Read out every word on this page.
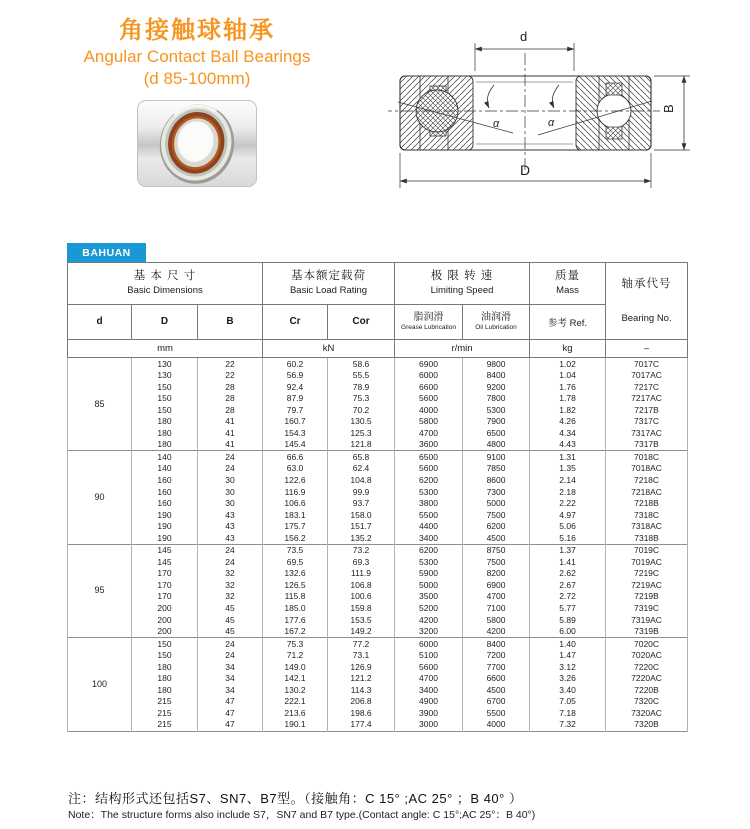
角接触球轴承
Angular Contact Ball Bearings
(d 85-100mm)
α	α
d
D
B
BAHUAN
基 本 尺 寸
Basic Dimensions

基本额定载荷
Basic Load Rating

极 限 转 速
Limiting Speed

质量
Mass

轴承代号
Bearing No.

d	D	B	Cr	Cor	脂润滑
Grease Lubrication

油润滑
Oil Lubrication	参考 Ref.
mm			kN		r/min		kg	–
85	130	22	60.2	58.6	6900	9800	1.02	7017C
	130	22	56.9	55.5	6000	8400	1.04	7017AC
	150	28	92.4	78.9	6600	9200	1.76	7217C
	150	28	87.9	75.3	5600	7800	1.78	7217AC
	150	28	79.7	70.2	4000	5300	1.82	7217B
	180	41	160.7	130.5	5800	7900	4.26	7317C
	180	41	154.3	125.3	4700	6500	4.34	7317AC
	180	41	145.4	121.8	3600	4800	4.43	7317B
90	140	24	66.6	65.8	6500	9100	1.31	7018C
	140	24	63.0	62.4	5600	7850	1.35	7018AC
	160	30	122.6	104.8	6200	8600	2.14	7218C
	160	30	116.9	99.9	5300	7300	2.18	7218AC
	160	30	106.6	93.7	3800	5000	2.22	7218B
	190	43	183.1	158.0	5500	7500	4.97	7318C
	190	43	175.7	151.7	4400	6200	5.06	7318AC
	190	43	156.2	135.2	3400	4500	5.16	7318B
95	145	24	73.5	73.2	6200	8750	1.37	7019C
	145	24	69.5	69.3	5300	7500	1.41	7019AC
	170	32	132.6	111.9	5900	8200	2.62	7219C
	170	32	126.5	106.8	5000	6900	2.67	7219AC
	170	32	115.8	100.6	3500	4700	2.72	7219B
	200	45	185.0	159.8	5200	7100	5.77	7319C
	200	45	177.6	153.5	4200	5800	5.89	7319AC
	200	45	167.2	149.2	3200	4200	6.00	7319B
100	150	24	75.3	77.2	6000	8400	1.40	7020C
	150	24	71.2	73.1	5100	7200	1.47	7020AC
	180	34	149.0	126.9	5600	7700	3.12	7220C
	180	34	142.1	121.2	4700	6600	3.26	7220AC
	180	34	130.2	114.3	3400	4500	3.40	7220B
	215	47	222.1	206.8	4900	6700	7.05	7320C
	215	47	213.6	198.6	3900	5500	7.18	7320AC
	215	47	190.1	177.4	3000	4000	7.32	7320B
注：结构形式还包括S7、SN7、B7型。（接触角：C 15° ;AC 25° ；B 40° ）
Note：The structure forms also include S7，SN7 and B7 type.(Contact angle: C 15°;AC 25°：B 40°)
